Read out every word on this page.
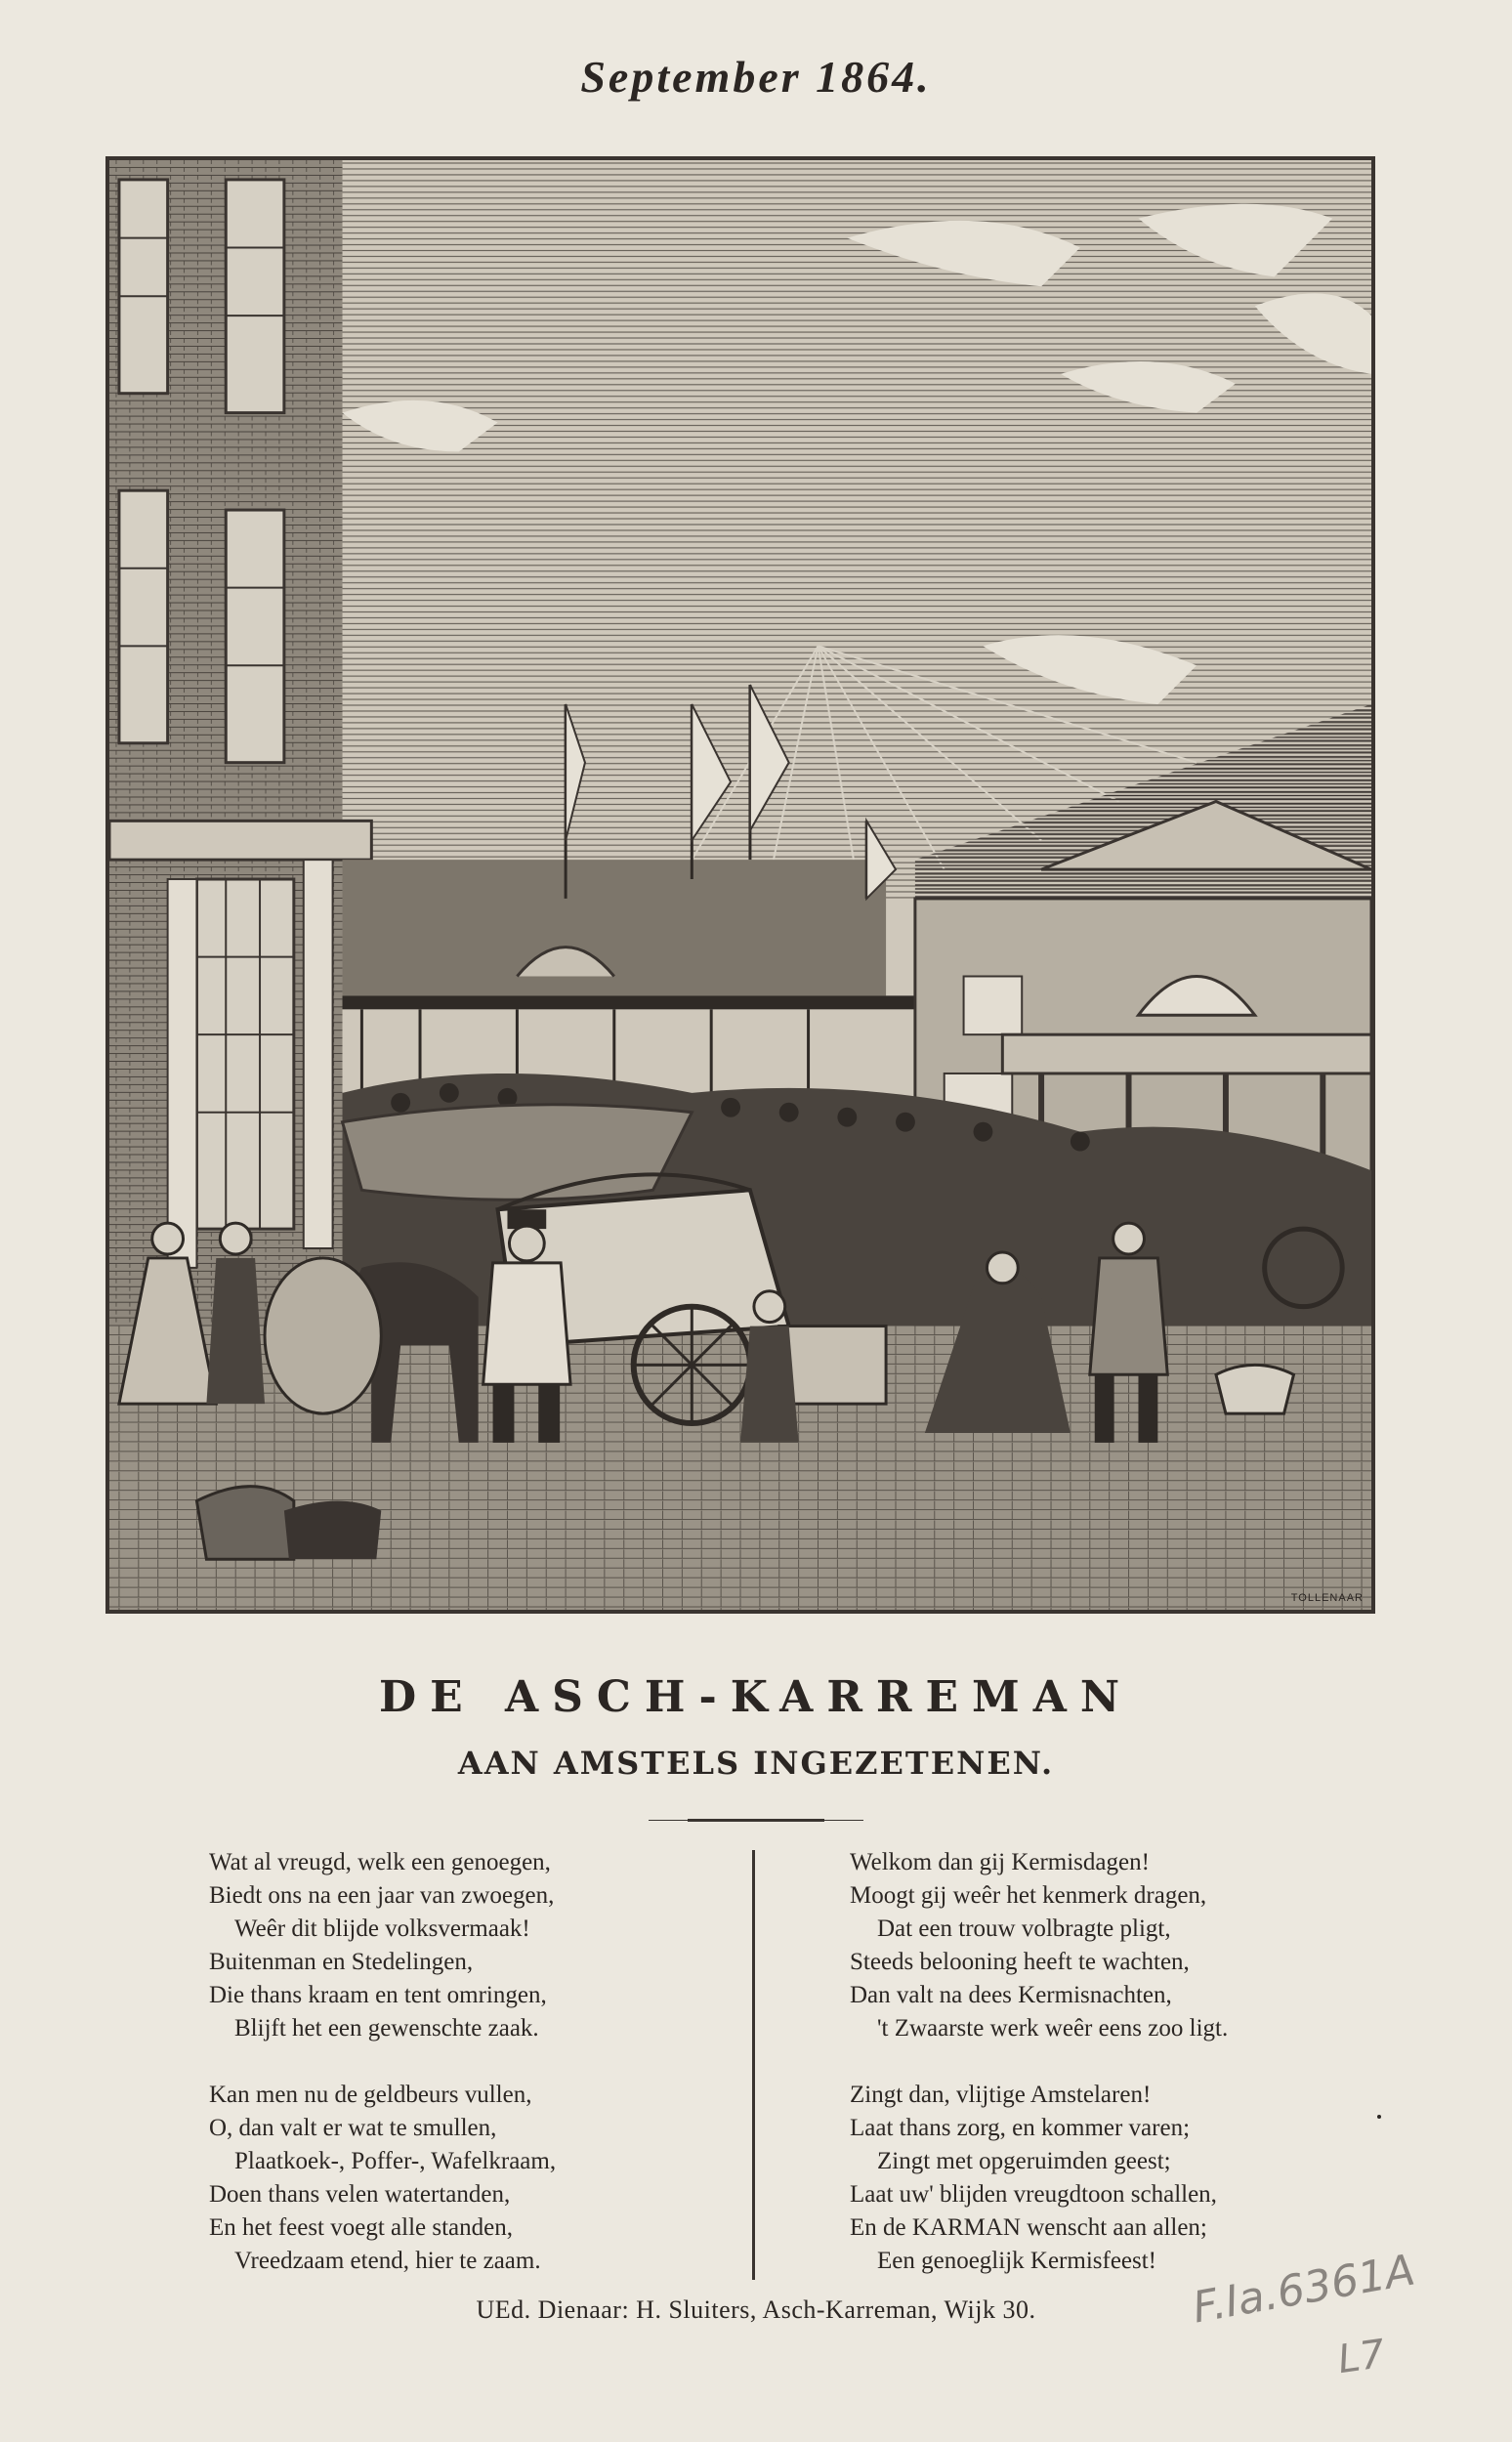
September 1864.
TOLLENAAR
DE ASCH-KARREMAN
AAN AMSTELS INGEZETENEN.
Wat al vreugd, welk een genoegen,
Biedt ons na een jaar van zwoegen,
Weêr dit blijde volksvermaak!
Buitenman en Stedelingen,
Die thans kraam en tent omringen,
Blijft het een gewenschte zaak.
Kan men nu de geldbeurs vullen,
O, dan valt er wat te smullen,
Plaatkoek-, Poffer-, Wafelkraam,
Doen thans velen watertanden,
En het feest voegt alle standen,
Vreedzaam etend, hier te zaam.
Welkom dan gij Kermisdagen!
Moogt gij weêr het kenmerk dragen,
Dat een trouw volbragte pligt,
Steeds belooning heeft te wachten,
Dan valt na dees Kermisnachten,
't Zwaarste werk weêr eens zoo ligt.
Zingt dan, vlijtige Amstelaren!
Laat thans zorg, en kommer varen;
Zingt met opgeruimden geest;
Laat uw' blijden vreugdtoon schallen,
En de KARMAN wenscht aan allen;
Een genoeglijk Kermisfeest!
UEd. Dienaar: H. Sluiters, Asch-Karreman, Wijk 30.	F.Ia.6361A
L7
